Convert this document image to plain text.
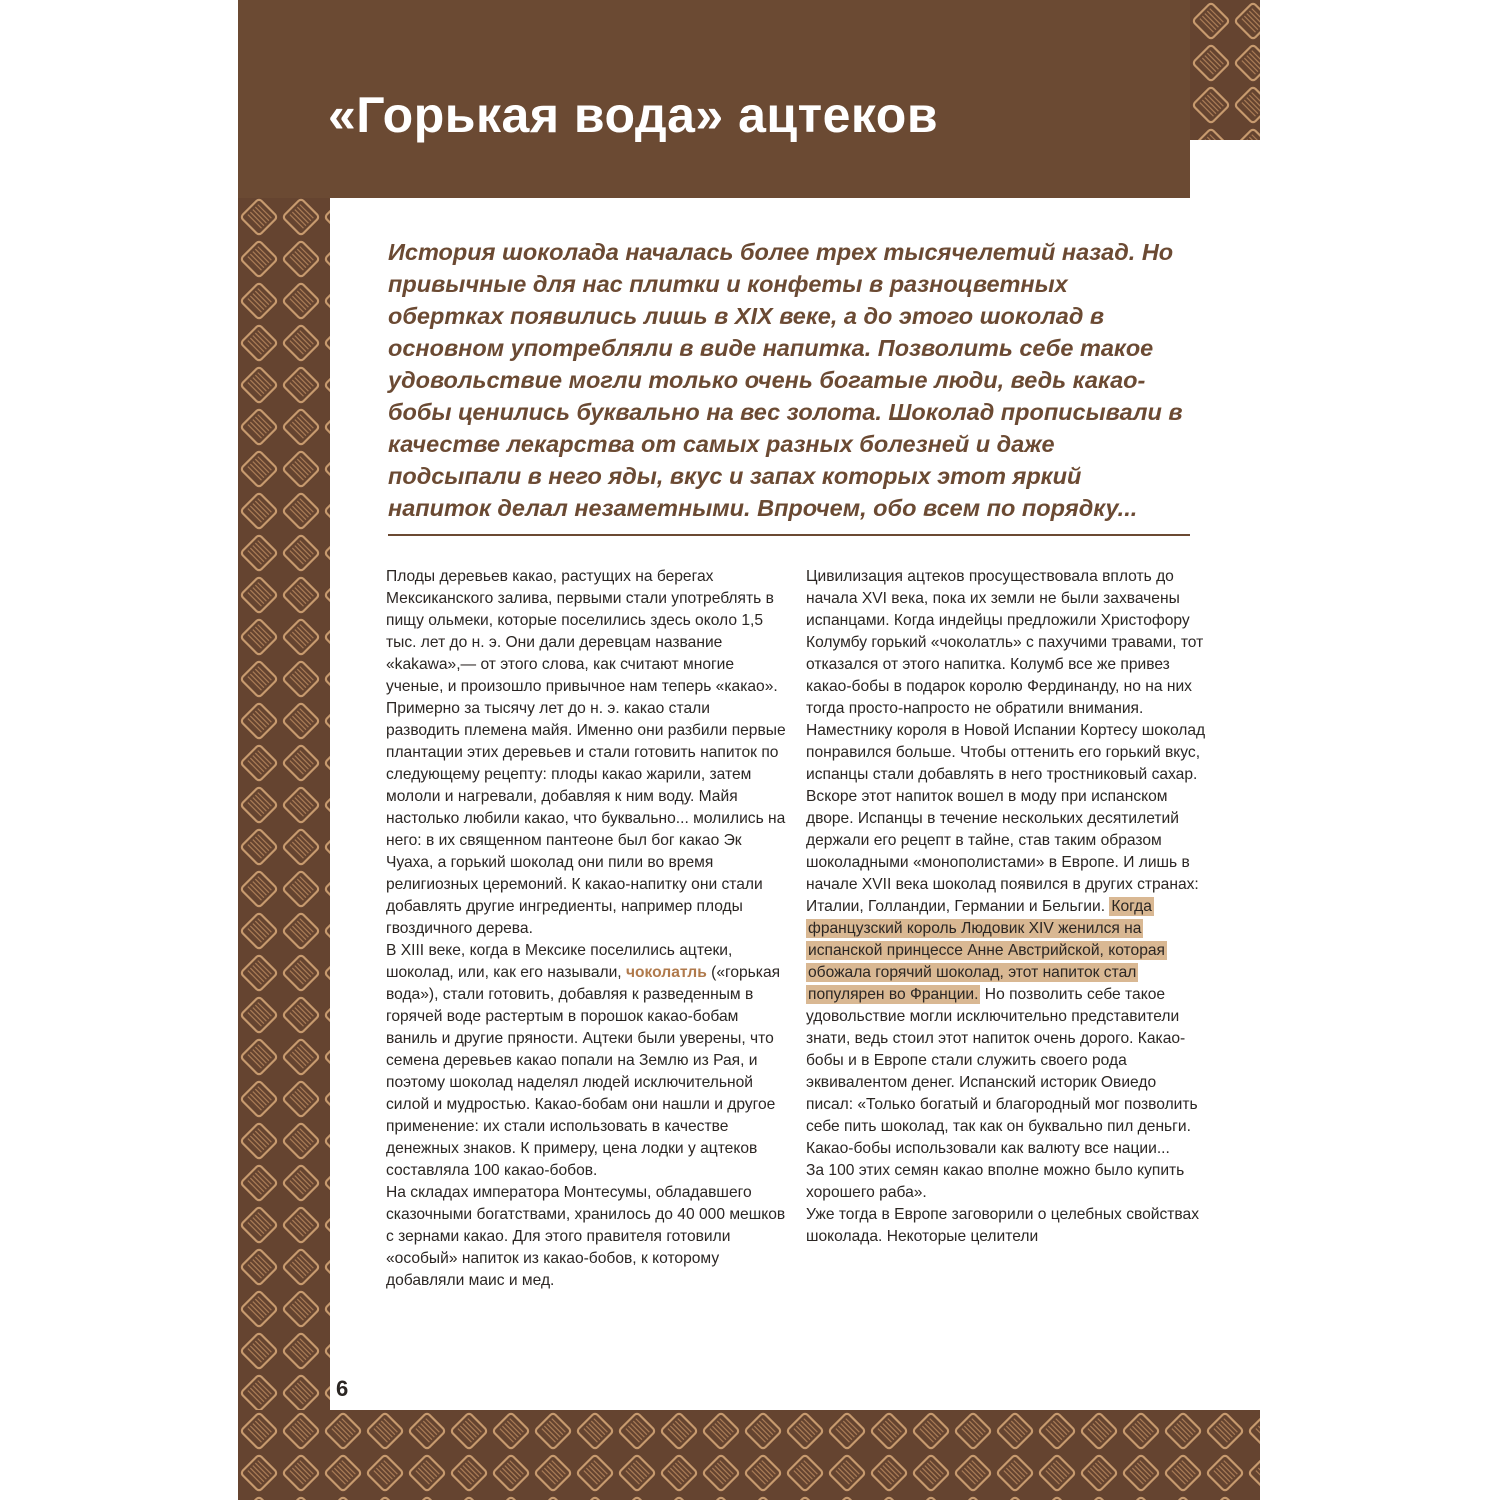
«Горькая вода» ацтеков

История шоколада началась более трех тысячелетий назад. Но привычные для нас плитки и конфеты в разноцветных обертках появились лишь в XIX веке, а до этого шоколад в основном употребляли в виде напитка. Позволить себе такое удовольствие могли только очень богатые люди, ведь какао-бобы ценились буквально на вес золота. Шоколад прописывали в качестве лекарства от самых разных болезней и даже подсыпали в него яды, вкус и запах которых этот яркий напиток делал незаметными. Впрочем, обо всем по порядку...

Плоды деревьев какао, растущих на берегах Мексиканского залива, первыми стали употреблять в пищу ольмеки, которые поселились здесь около 1,5 тыс. лет до н. э. Они дали деревцам название «kakawa»,— от этого слова, как считают многие ученые, и произошло привычное нам теперь «какао». Примерно за тысячу лет до н. э. какао стали разводить племена майя. Именно они разбили первые плантации этих деревьев и стали готовить напиток по следующему рецепту: плоды какао жарили, затем мололи и нагревали, добавляя к ним воду. Майя настолько любили какао, что буквально... молились на него: в их священном пантеоне был бог какао Эк Чуаха, а горький шоколад они пили во время религиозных церемоний. К какао-напитку они стали добавлять другие ингредиенты, например плоды гвоздичного дерева.

В XIII веке, когда в Мексике поселились ацтеки, шоколад, или, как его называли, чоколатль («горькая вода»), стали готовить, добавляя к разведенным в горячей воде растертым в порошок какао-бобам ваниль и другие пряности. Ацтеки были уверены, что семена деревьев какао попали на Землю из Рая, и поэтому шоколад наделял людей исключительной силой и мудростью. Какао-бобам они нашли и другое применение: их стали использовать в качестве денежных знаков. К примеру, цена лодки у ацтеков составляла 100 какао-бобов.

На складах императора Монтесумы, обладавшего сказочными богатствами, хранилось до 40 000 мешков с зернами какао. Для этого правителя готовили «особый» напиток из какао-бобов, к которому добавляли маис и мед.

Цивилизация ацтеков просуществовала вплоть до начала XVI века, пока их земли не были захвачены испанцами. Когда индейцы предложили Христофору Колумбу горький «чоколатль» с пахучими травами, тот отказался от этого напитка. Колумб все же привез какао-бобы в подарок королю Фердинанду, но на них тогда просто-напросто не обратили внимания. Наместнику короля в Новой Испании Кортесу шоколад понравился больше. Чтобы оттенить его горький вкус, испанцы стали добавлять в него тростниковый сахар.

Вскоре этот напиток вошел в моду при испанском дворе. Испанцы в течение нескольких десятилетий держали его рецепт в тайне, став таким образом шоколадными «монополистами» в Европе. И лишь в начале XVII века шоколад появился в других странах: Италии, Голландии, Германии и Бельгии. Когда французский король Людовик XIV женился на испанской принцессе Анне Австрийской, которая обожала горячий шоколад, этот напиток стал популярен во Франции. Но позволить себе такое удовольствие могли исключительно представители знати, ведь стоил этот напиток очень дорого. Какао-бобы и в Европе стали служить своего рода эквивалентом денег. Испанский историк Овиедо писал: «Только богатый и благородный мог позволить себе пить шоколад, так как он буквально пил деньги. Какао-бобы использовали как валюту все нации...

За 100 этих семян какао вполне можно было купить хорошего раба».

Уже тогда в Европе заговорили о целебных свойствах шоколада. Некоторые целители

6
